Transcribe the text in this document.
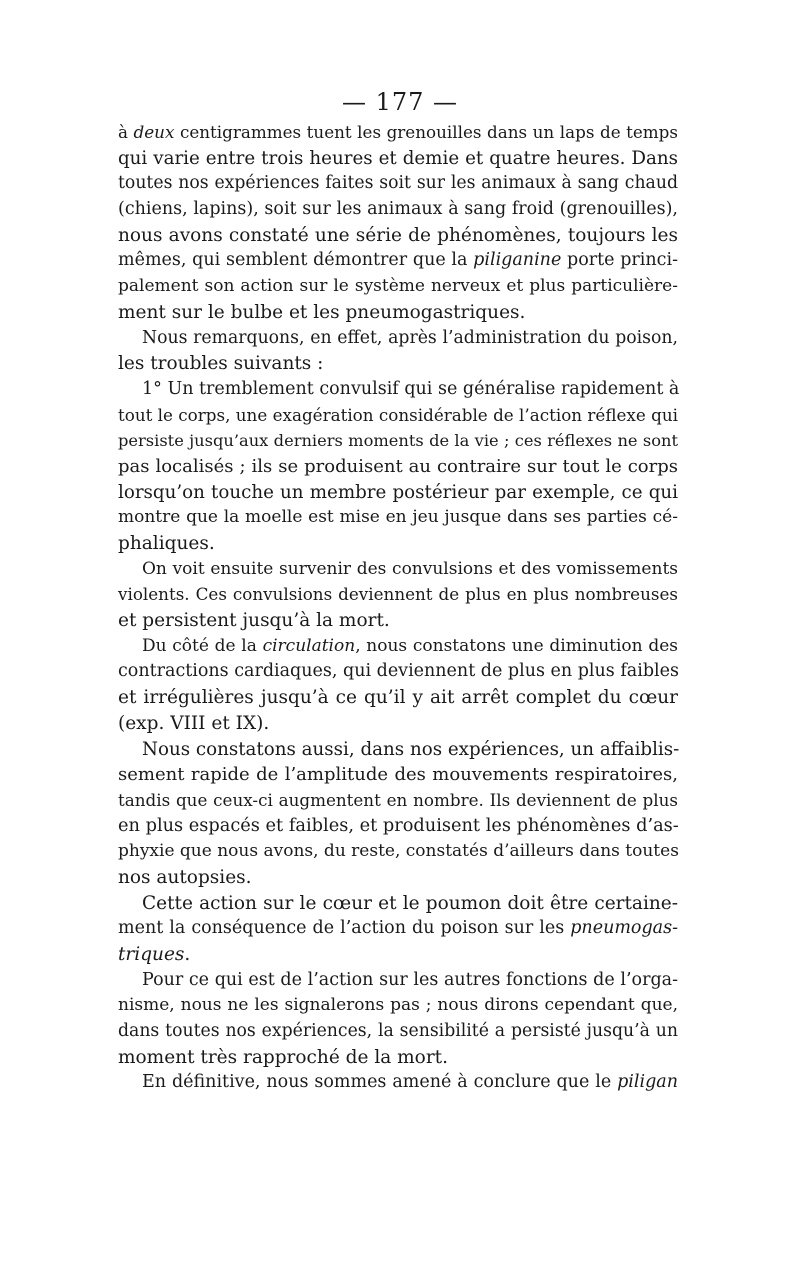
— 177 —
à deux centigrammes tuent les grenouilles dans un laps de temps
qui varie entre trois heures et demie et quatre heures. Dans
toutes nos expériences faites soit sur les animaux à sang chaud
(chiens, lapins), soit sur les animaux à sang froid (grenouilles),
nous avons constaté une série de phénomènes, toujours les
mêmes, qui semblent démontrer que la piliganine porte princi-
palement son action sur le système nerveux et plus particulière-
ment sur le bulbe et les pneumogastriques.
Nous remarquons, en effet, après l’administration du poison,
les troubles suivants :
1° Un tremblement convulsif qui se généralise rapidement à
tout le corps, une exagération considérable de l’action réflexe qui
persiste jusqu’aux derniers moments de la vie ; ces réflexes ne sont
pas localisés ; ils se produisent au contraire sur tout le corps
lorsqu’on touche un membre postérieur par exemple, ce qui
montre que la moelle est mise en jeu jusque dans ses parties cé-
phaliques.
On voit ensuite survenir des convulsions et des vomissements
violents. Ces convulsions deviennent de plus en plus nombreuses
et persistent jusqu’à la mort.
Du côté de la circulation, nous constatons une diminution des
contractions cardiaques, qui deviennent de plus en plus faibles
et irrégulières jusqu’à ce qu’il y ait arrêt complet du cœur
(exp. VIII et IX).
Nous constatons aussi, dans nos expériences, un affaiblis-
sement rapide de l’amplitude des mouvements respiratoires,
tandis que ceux-ci augmentent en nombre. Ils deviennent de plus
en plus espacés et faibles, et produisent les phénomènes d’as-
phyxie que nous avons, du reste, constatés d’ailleurs dans toutes
nos autopsies.
Cette action sur le cœur et le poumon doit être certaine-
ment la conséquence de l’action du poison sur les pneumogas-
triques.
Pour ce qui est de l’action sur les autres fonctions de l’orga-
nisme, nous ne les signalerons pas ; nous dirons cependant que,
dans toutes nos expériences, la sensibilité a persisté jusqu’à un
moment très rapproché de la mort.
En définitive, nous sommes amené à conclure que le piligan
